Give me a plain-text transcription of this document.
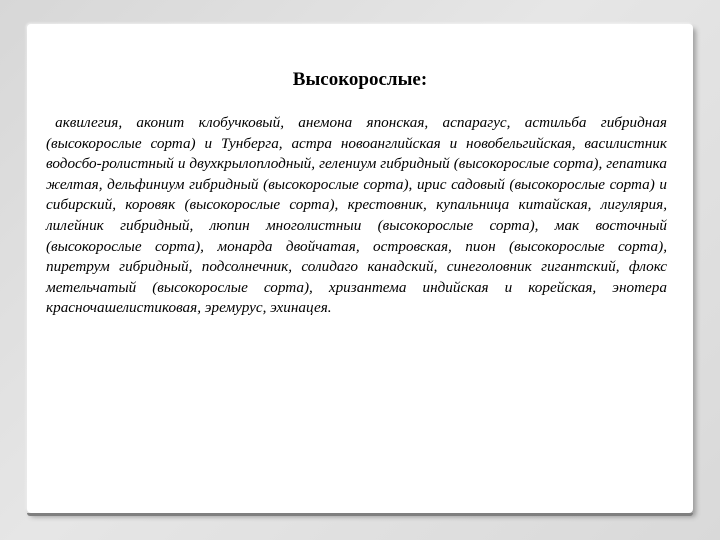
Высокорослые:

аквилегия, аконит клобучковый, анемона японская, аспарагус, астильба гибридная (высокорослые сорта) и Тунберга, астра новоанглийская и новобельгийская, василистник водосбо-ролистный и двухкрылоплодный, гелениум гибридный (высокорослые сорта), гепатика желтая, дельфиниум гибридный (высокорослые сорта), ирис садовый (высокорослые сорта) и сибирский, коровяк (высокорослые сорта), крестовник, купальница китайская, лигулярия, лилейник гибридный, люпин многолистныи (высокорослые сорта), мак восточный (высокорослые сорта), монарда двойчатая, островская, пион (высокорослые сорта), пиретрум гибридный, подсолнечник, солидаго канадский, синеголовник гигантский, флокс метельчатый (высокорослые сорта), хризантема индийская и корейская, энотера красночашелистиковая, эремурус, эхинацея.
